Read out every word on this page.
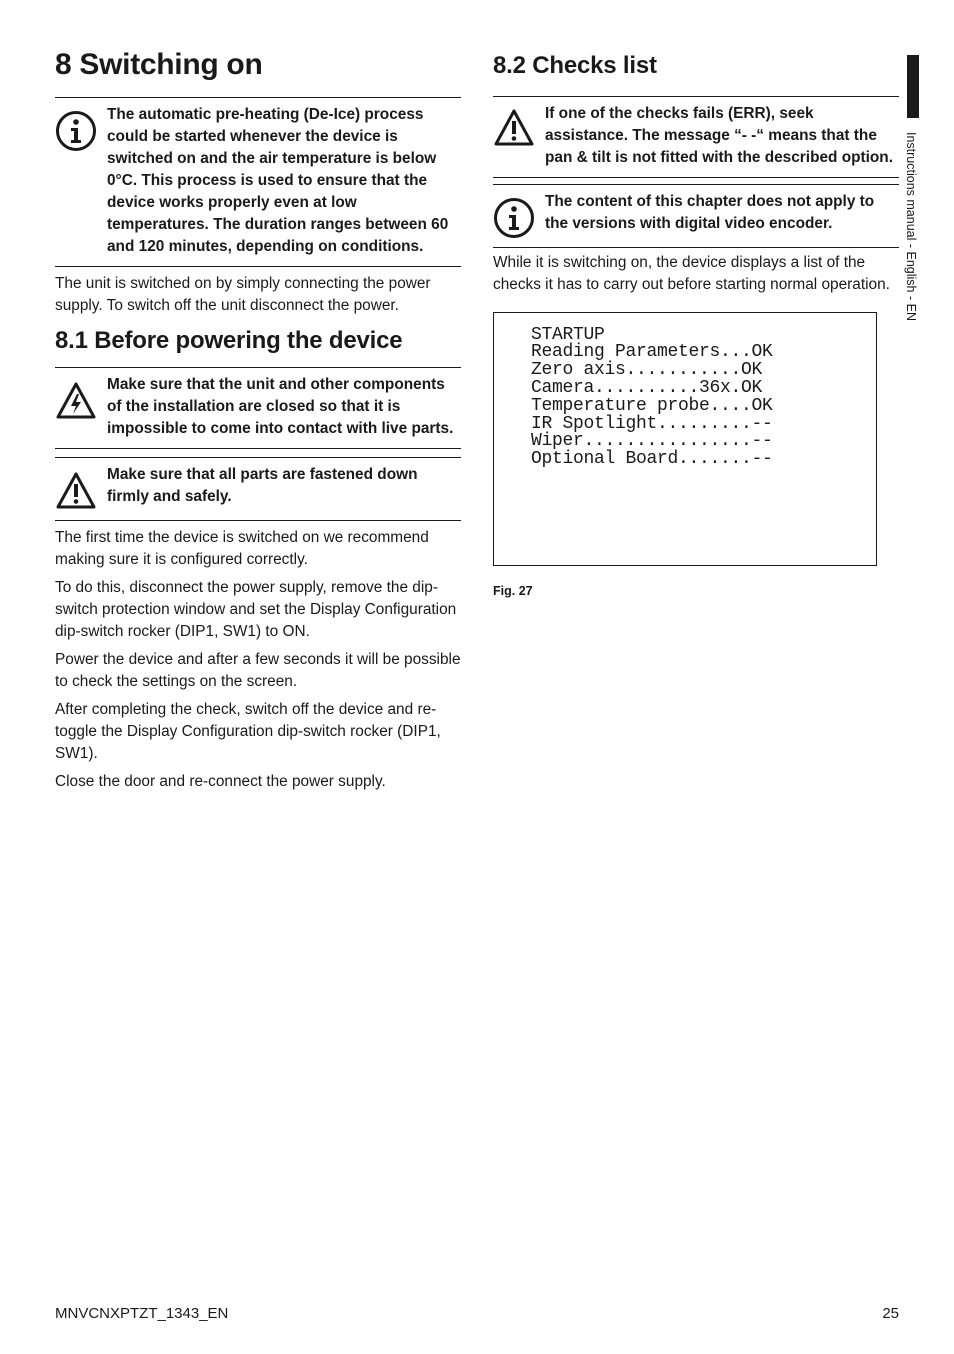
8 Switching on
The automatic pre-heating (De-Ice) process could be started whenever the device is switched on and the air temperature is below 0°C. This process is used to ensure that the device works properly even at low temperatures. The duration ranges between 60 and 120 minutes, depending on conditions.

The unit is switched on by simply connecting the power supply. To switch off the unit disconnect the power.

8.1 Before powering the device
Make sure that the unit and other components of the installation are closed so that it is impossible to come into contact with live parts.
Make sure that all parts are fastened down firmly and safely.

The first time the device is switched on we recommend making sure it is configured correctly.

To do this, disconnect the power supply, remove the dip-switch protection window and set the Display Configuration dip-switch rocker (DIP1, SW1) to ON.

Power the device and after a few seconds it will be possible to check the settings on the screen.

After completing the check, switch off the device and re-toggle the Display Configuration dip-switch rocker (DIP1, SW1).

Close the door and re-connect the power supply.

8.2 Checks list
If one of the checks fails (ERR), seek assistance. The message “- -“ means that the pan & tilt is not fitted with the described option.
The content of this chapter does not apply to the versions with digital video encoder.

While it is switching on, the device displays a list of the checks it has to carry out before starting normal operation.

STARTUP
Reading Parameters...OK
Zero axis...........OK
Camera..........36x.OK
Temperature probe....OK
IR Spotlight.........--
Wiper................--
Optional Board.......--
Fig. 27
Instructions manual - English - EN
MNVCNXPTZT_1343_EN	25
